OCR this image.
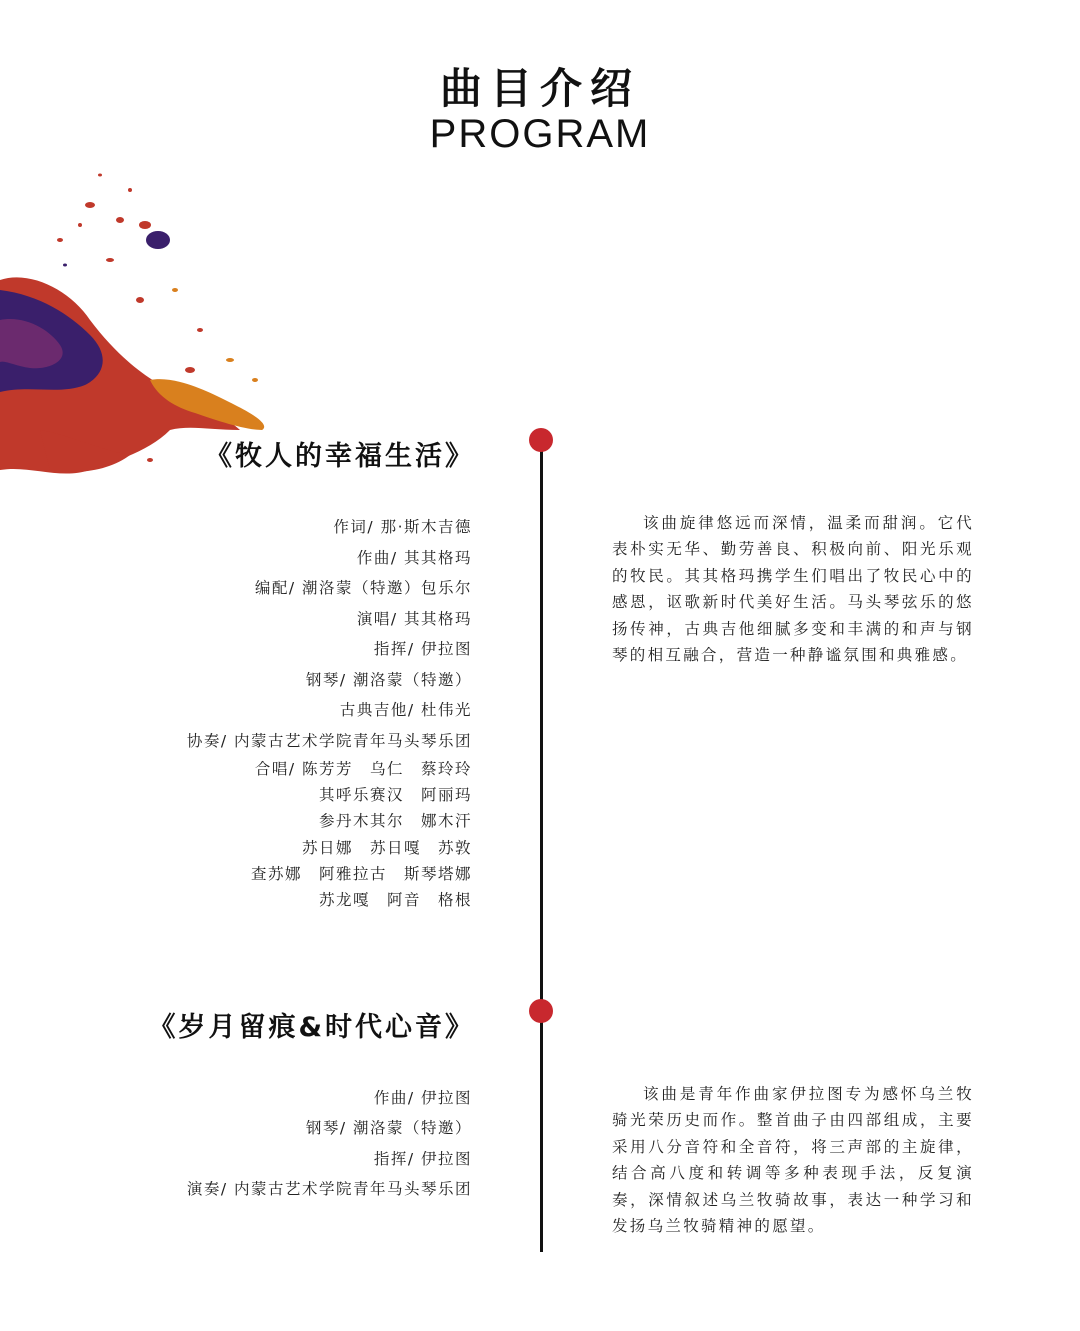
曲目介绍
PROGRAM
《牧人的幸福生活》
作词/ 那·斯木吉德
作曲/ 其其格玛
编配/ 潮洛蒙（特邀）包乐尔
演唱/ 其其格玛
指挥/ 伊拉图
钢琴/ 潮洛蒙（特邀）
古典吉他/ 杜伟光
协奏/ 内蒙古艺术学院青年马头琴乐团
合唱/ 陈芳芳　乌仁　蔡玲玲
其呼乐赛汉　阿丽玛
参丹木其尔　娜木汗
苏日娜　苏日嘎　苏敦
查苏娜　阿雅拉古　斯琴塔娜
苏龙嘎　阿音　格根
该曲旋律悠远而深情，温柔而甜润。它代表朴实无华、勤劳善良、积极向前、阳光乐观的牧民。其其格玛携学生们唱出了牧民心中的感恩，讴歌新时代美好生活。马头琴弦乐的悠扬传神，古典吉他细腻多变和丰满的和声与钢琴的相互融合，营造一种静谧氛围和典雅感。
《岁月留痕&时代心音》
作曲/ 伊拉图
钢琴/ 潮洛蒙（特邀）
指挥/ 伊拉图
演奏/ 内蒙古艺术学院青年马头琴乐团
该曲是青年作曲家伊拉图专为感怀乌兰牧骑光荣历史而作。整首曲子由四部组成，主要采用八分音符和全音符，将三声部的主旋律，结合高八度和转调等多种表现手法，反复演奏，深情叙述乌兰牧骑故事，表达一种学习和发扬乌兰牧骑精神的愿望。
